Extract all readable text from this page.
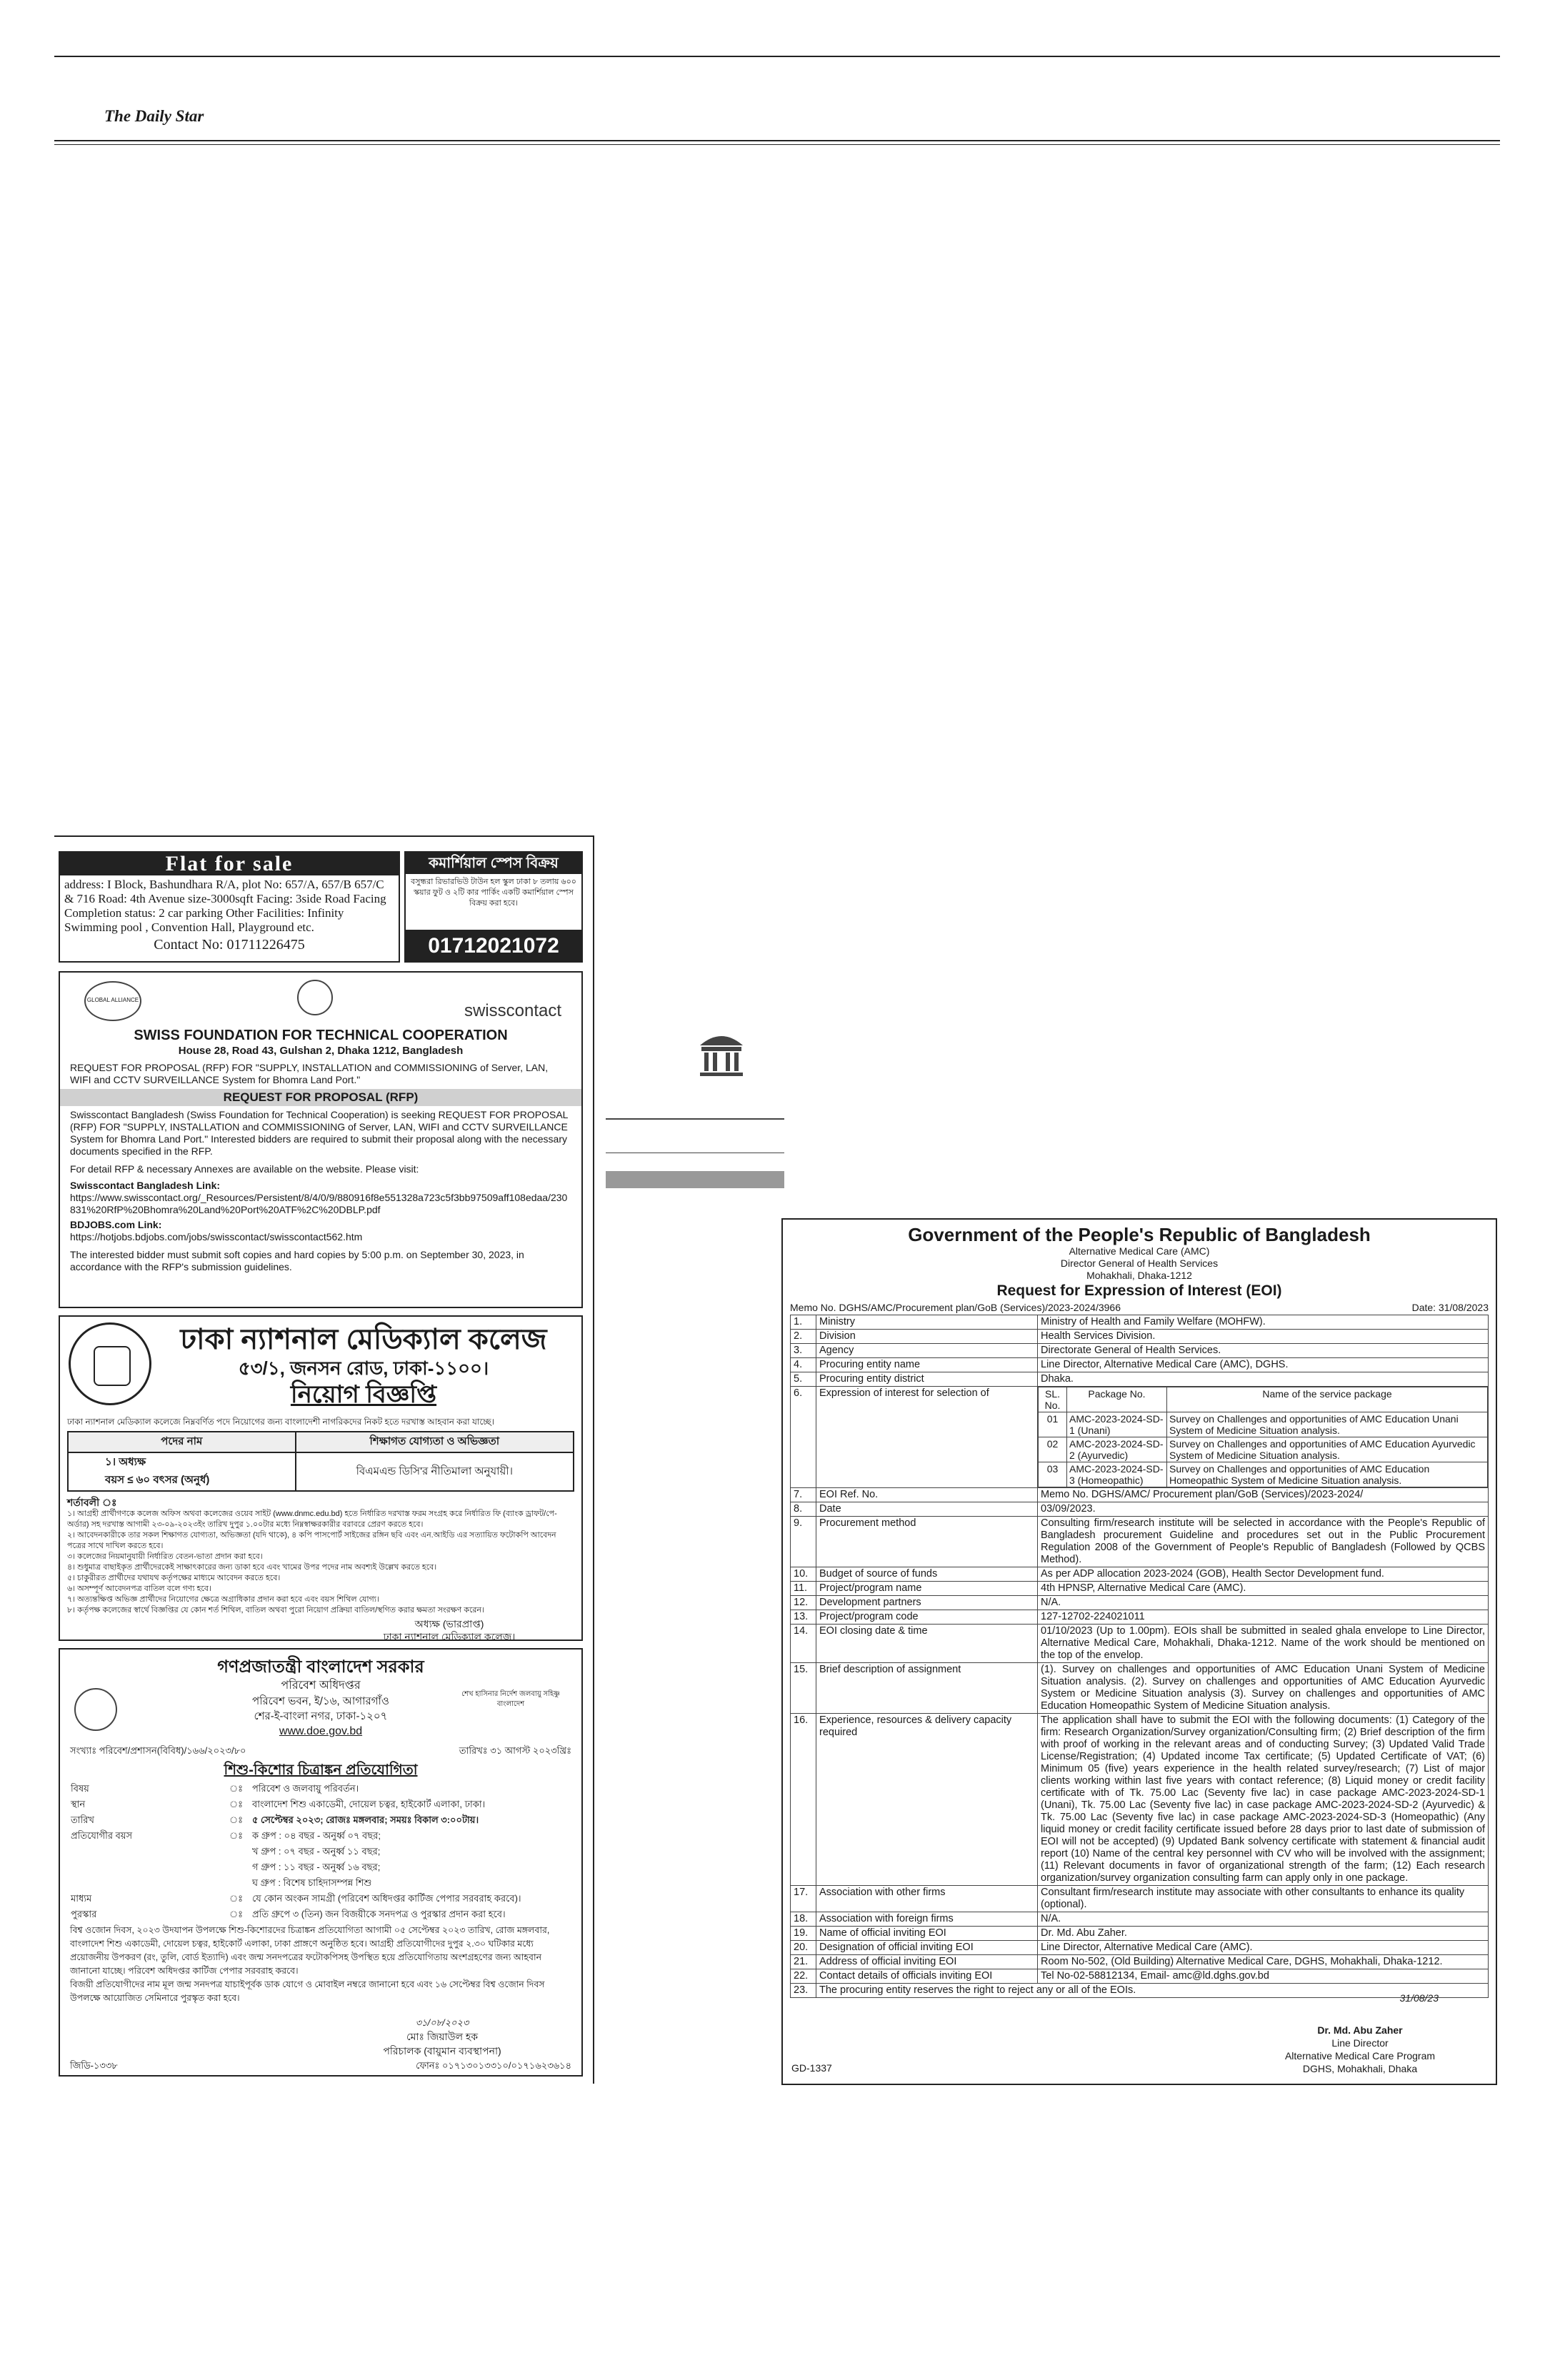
The Daily Star
Flat for sale
address: I Block, Bashundhara R/A, plot No: 657/A, 657/B 657/C & 716 Road: 4th Avenue size-3000sqft Facing: 3side Road Facing Completion status: 2 car parking Other Facilities: Infinity Swimming pool , Convention Hall, Playground etc.
Contact No: 01711226475
কমার্শিয়াল স্পেস বিক্রয়
বসুন্ধরা রিভারভিউ টাউন হল স্কুল ঢাকা ৮ তলায় ৬০০ স্কয়ার ফুট ও ২টি কার পার্কিং একটি কমার্শিয়াল স্পেস বিক্রয় করা হবে।
01712021072
GLOBAL ALLIANCE
swisscontact
SWISS FOUNDATION FOR TECHNICAL COOPERATION
House 28, Road 43, Gulshan 2, Dhaka 1212, Bangladesh
REQUEST FOR PROPOSAL (RFP) FOR "SUPPLY, INSTALLATION and COMMISSIONING of Server, LAN, WIFI and CCTV SURVEILLANCE System for Bhomra Land Port."
REQUEST FOR PROPOSAL (RFP)
Swisscontact Bangladesh (Swiss Foundation for Technical Cooperation) is seeking REQUEST FOR PROPOSAL (RFP) FOR "SUPPLY, INSTALLATION and COMMISSIONING of Server, LAN, WIFI and CCTV SURVEILLANCE System for Bhomra Land Port." Interested bidders are required to submit their proposal along with the necessary documents specified in the RFP.
For detail RFP & necessary Annexes are available on the website. Please visit:
Swisscontact Bangladesh Link:
https://www.swisscontact.org/_Resources/Persistent/8/4/0/9/880916f8e551328a723c5f3bb97509aff108edaa/230831%20RfP%20Bhomra%20Land%20Port%20ATF%2C%20DBLP.pdf
BDJOBS.com Link:
https://hotjobs.bdjobs.com/jobs/swisscontact/swisscontact562.htm
The interested bidder must submit soft copies and hard copies by 5:00 p.m. on September 30, 2023, in accordance with the RFP's submission guidelines.
ঢাকা ন্যাশনাল মেডিক্যাল কলেজ
৫৩/১, জনসন রোড, ঢাকা-১১০০।
নিয়োগ বিজ্ঞপ্তি
ঢাকা ন্যাশনাল মেডিক্যাল কলেজে নিম্নবর্ণিত পদে নিয়োগের জন্য বাংলাদেশী নাগরিকদের নিকট হতে দরখাস্ত আহবান করা যাচ্ছে।
পদের নাম	শিক্ষাগত যোগ্যতা ও অভিজ্ঞতা

১। অধ্যক্ষ
বয়স ≤ ৬০ বৎসর (অনুর্ধ)	বিএমএন্ড ডিসি'র নীতিমালা অনুযায়ী।
শর্তাবলী ঃ
১। আগ্রহী প্রার্থীগণকে কলেজ অফিস অথবা কলেজের ওয়েব সাইট (www.dnmc.edu.bd) হতে নির্ধারিত দরখাস্ত ফরম সংগ্রহ করে নির্ধারিত ফি (ব্যাংক ড্রাফট/পে-অর্ডার) সহ দরখাস্ত আগামী ২৩-০৯-২০২৩ইং তারিখ দুপুর ১.০০টার মধ্যে নিম্নস্বাক্ষরকারীর বরাবরে প্রেরণ করতে হবে।
২। আবেদনকারীকে তার সকল শিক্ষাগত যোগ্যতা, অভিজ্ঞতা (যদি থাকে), ৪ কপি পাসপোর্ট সাইজের রঙ্গিন ছবি এবং এন.আইডি এর সত্যায়িত ফটোকপি আবেদন পত্রের সাথে দাখিল করতে হবে।
৩। কলেজের নিয়মানুযায়ী নির্ধারিত বেতন-ভাতা প্রদান করা হবে।
৪। শুধুমাত্র বাছাইকৃত প্রার্থীদেরকেই সাক্ষাৎকারের জন্য ডাকা হবে এবং খামের উপর পদের নাম অবশ্যই উল্লেখ করতে হবে।
৫। চাকুরীরত প্রার্থীদের যথাযথ কর্তৃপক্ষের মাধ্যমে আবেদন করতে হবে।
৬। অসম্পূর্ণ আবেদনপত্র বাতিল বলে গণ্য হবে।
৭। অত্যন্তক্ষিপ্ত অভিজ্ঞ প্রার্থীদের নিয়োগের ক্ষেত্রে অগ্রাধিকার প্রদান করা হবে এবং বয়স শিথিল যোগ্য।
৮। কর্তৃপক্ষ কলেজের স্বার্থে বিজ্ঞপ্তির যে কোন শর্ত শিথিল, বাতিল অথবা পুরো নিয়োগ প্রক্রিয়া বাতিল/স্থগিত করার ক্ষমতা সংরক্ষণ করেন।
অধ্যক্ষ (ভারপ্রাপ্ত)
ঢাকা ন্যাশনাল মেডিক্যাল কলেজ।
গণপ্রজাতন্ত্রী বাংলাদেশ সরকার
পরিবেশ অধিদপ্তর
শেখ হাসিনার নির্দেশ জলবায়ু সহিষ্ণু বাংলাদেশ
পরিবেশ ভবন, ই/১৬, আগারগাঁও
শের-ই-বাংলা নগর, ঢাকা-১২০৭
www.doe.gov.bd
সংখ্যাঃ পরিবেশ/প্রশাসন(বিবিধ)/১৬৬/২০২৩/৮০	তারিখঃ ৩১ আগস্ট ২০২৩খ্রিঃ
শিশু-কিশোর চিত্রাঙ্কন প্রতিযোগিতা
বিষয়	ঃ	পরিবেশ ও জলবায়ু পরিবর্তন।
স্থান	ঃ	বাংলাদেশ শিশু একাডেমী, দোয়েল চত্বর, হাইকোর্ট এলাকা, ঢাকা।
তারিখ	ঃ	৫ সেপ্টেম্বর ২০২৩; রোজঃ মঙ্গলবার; সময়ঃ বিকাল ৩:০০টায়।
প্রতিযোগীর বয়স	ঃ	ক গ্রুপ : ০৪ বছর - অনুর্ধ্ব ০৭ বছর;
		খ গ্রুপ : ০৭ বছর - অনুর্ধ্ব ১১ বছর;
		গ গ্রুপ : ১১ বছর - অনুর্ধ্ব ১৬ বছর;
		ঘ গ্রুপ : বিশেষ চাহিদাসম্পন্ন শিশু
মাধ্যম	ঃ	যে কোন অংকন সামগ্রী (পরিবেশ অধিদপ্তর কার্টিজ পেপার সরবরাহ করবে)।
পুরস্কার	ঃ	প্রতি গ্রুপে ৩ (তিন) জন বিজয়ীকে সনদপত্র ও পুরস্কার প্রদান করা হবে।
বিশ্ব ওজোন দিবস, ২০২৩ উদযাপন উপলক্ষে শিশু-কিশোরদের চিত্রাঙ্কন প্রতিযোগিতা আগামী ০৫ সেপ্টেম্বর ২০২৩ তারিখ, রোজ মঙ্গলবার, বাংলাদেশ শিশু একাডেমী, দোয়েল চত্বর, হাইকোর্ট এলাকা, ঢাকা প্রাঙ্গণে অনুষ্ঠিত হবে। আগ্রহী প্রতিযোগীদের দুপুর ২.৩০ ঘটিকার মধ্যে প্রয়োজনীয় উপকরণ (রং, তুলি, বোর্ড ইত্যাদি) এবং জন্ম সনদপত্রের ফটোকপিসহ উপস্থিত হয়ে প্রতিযোগিতায় অংশগ্রহণের জন্য আহবান জানানো যাচ্ছে। পরিবেশ অধিদপ্তর কার্টিজ পেপার সরবরাহ করবে।
বিজয়ী প্রতিযোগীদের নাম মূল জন্ম সনদপত্র যাচাইপূর্বক ডাক যোগে ও মোবাইল নম্বরে জানানো হবে এবং ১৬ সেপ্টেম্বর বিশ্ব ওজোন দিবস উপলক্ষে আয়োজিত সেমিনারে পুরস্কৃত করা হবে।
৩১/০৮/২০২৩
মোঃ জিয়াউল হক
পরিচালক (বায়ুমান ব্যবস্থাপনা)
জিডি-১৩৩৮	ফোনঃ ০১৭১৩০১৩৩১০/০১৭১৬২৩৬১৪
Government of the People's Republic of Bangladesh
Alternative Medical Care (AMC)
Director General of Health Services
Mohakhali, Dhaka-1212
Request for Expression of Interest (EOI)
Memo No. DGHS/AMC/Procurement plan/GoB (Services)/2023-2024/3966	Date: 31/08/2023
1.	Ministry	Ministry of Health and Family Welfare (MOHFW).
2.	Division	Health Services Division.
3.	Agency	Directorate General of Health Services.
4.	Procuring entity name	Line Director, Alternative Medical Care (AMC), DGHS.
5.	Procuring entity district	Dhaka.
6.	Expression of interest for selection of		SL. No.	Package No.	Name of the service package
01	AMC-2023-2024-SD-1 (Unani)	Survey on Challenges and opportunities of AMC Education Unani System of Medicine Situation analysis.
02	AMC-2023-2024-SD-2 (Ayurvedic)	Survey on Challenges and opportunities of AMC Education Ayurvedic System of Medicine Situation analysis.
03	AMC-2023-2024-SD-3 (Homeopathic)	Survey on Challenges and opportunities of AMC Education Homeopathic System of Medicine Situation analysis.

7.	EOI Ref. No.	Memo No. DGHS/AMC/ Procurement plan/GoB (Services)/2023-2024/
8.	Date	03/09/2023.
9.	Procurement method	Consulting firm/research institute will be selected in accordance with the People's Republic of Bangladesh procurement Guideline and procedures set out in the Public Procurement Regulation 2008 of the Government of People's Republic of Bangladesh (Followed by QCBS Method).
10.	Budget of source of funds	As per ADP allocation 2023-2024 (GOB), Health Sector Development fund.
11.	Project/program name	4th HPNSP, Alternative Medical Care (AMC).
12.	Development partners	N/A.
13.	Project/program code	127-12702-224021011
14.	EOI closing date & time	01/10/2023 (Up to 1.00pm). EOIs shall be submitted in sealed ghala envelope to Line Director, Alternative Medical Care, Mohakhali, Dhaka-1212. Name of the work should be mentioned on the top of the envelop.
15.	Brief description of assignment	(1). Survey on challenges and opportunities of AMC Education Unani System of Medicine Situation analysis. (2). Survey on challenges and opportunities of AMC Education Ayurvedic System or Medicine Situation analysis (3). Survey on challenges and opportunities of AMC Education Homeopathic System of Medicine Situation analysis.
16.	Experience, resources & delivery capacity required	The application shall have to submit the EOI with the following documents: (1) Category of the firm: Research Organization/Survey organization/Consulting firm; (2) Brief description of the firm with proof of working in the relevant areas and of conducting Survey; (3) Updated Valid Trade License/Registration; (4) Updated income Tax certificate; (5) Updated Certificate of VAT; (6) Minimum 05 (five) years experience in the health related survey/research; (7) List of major clients working within last five years with contact reference; (8) Liquid money or credit facility certificate with of Tk. 75.00 Lac (Seventy five lac) in case package AMC-2023-2024-SD-1 (Unani), Tk. 75.00 Lac (Seventy five lac) in case package AMC-2023-2024-SD-2 (Ayurvedic) & Tk. 75.00 Lac (Seventy five lac) in case package AMC-2023-2024-SD-3 (Homeopathic) (Any liquid money or credit facility certificate issued before 28 days prior to last date of submission of EOI will not be accepted) (9) Updated Bank solvency certificate with statement & financial audit report (10) Name of the central key personnel with CV who will be involved with the assignment; (11) Relevant documents in favor of organizational strength of the farm; (12) Each research organization/survey organization consulting farm can apply only in one package.
17.	Association with other firms	Consultant firm/research institute may associate with other consultants to enhance its quality (optional).
18.	Association with foreign firms	N/A.
19.	Name of official inviting EOI	Dr. Md. Abu Zaher.
20.	Designation of official inviting EOI	Line Director, Alternative Medical Care (AMC).
21.	Address of official inviting EOI	Room No-502, (Old Building) Alternative Medical Care, DGHS, Mohakhali, Dhaka-1212.
22.	Contact details of officials inviting EOI	Tel No-02-58812134, Email- amc@ld.dghs.gov.bd
23.	The procuring entity reserves the right to reject any or all of the EOIs.
31/08/23
Dr. Md. Abu Zaher
Line Director
Alternative Medical Care Program
DGHS, Mohakhali, Dhaka
GD-1337
